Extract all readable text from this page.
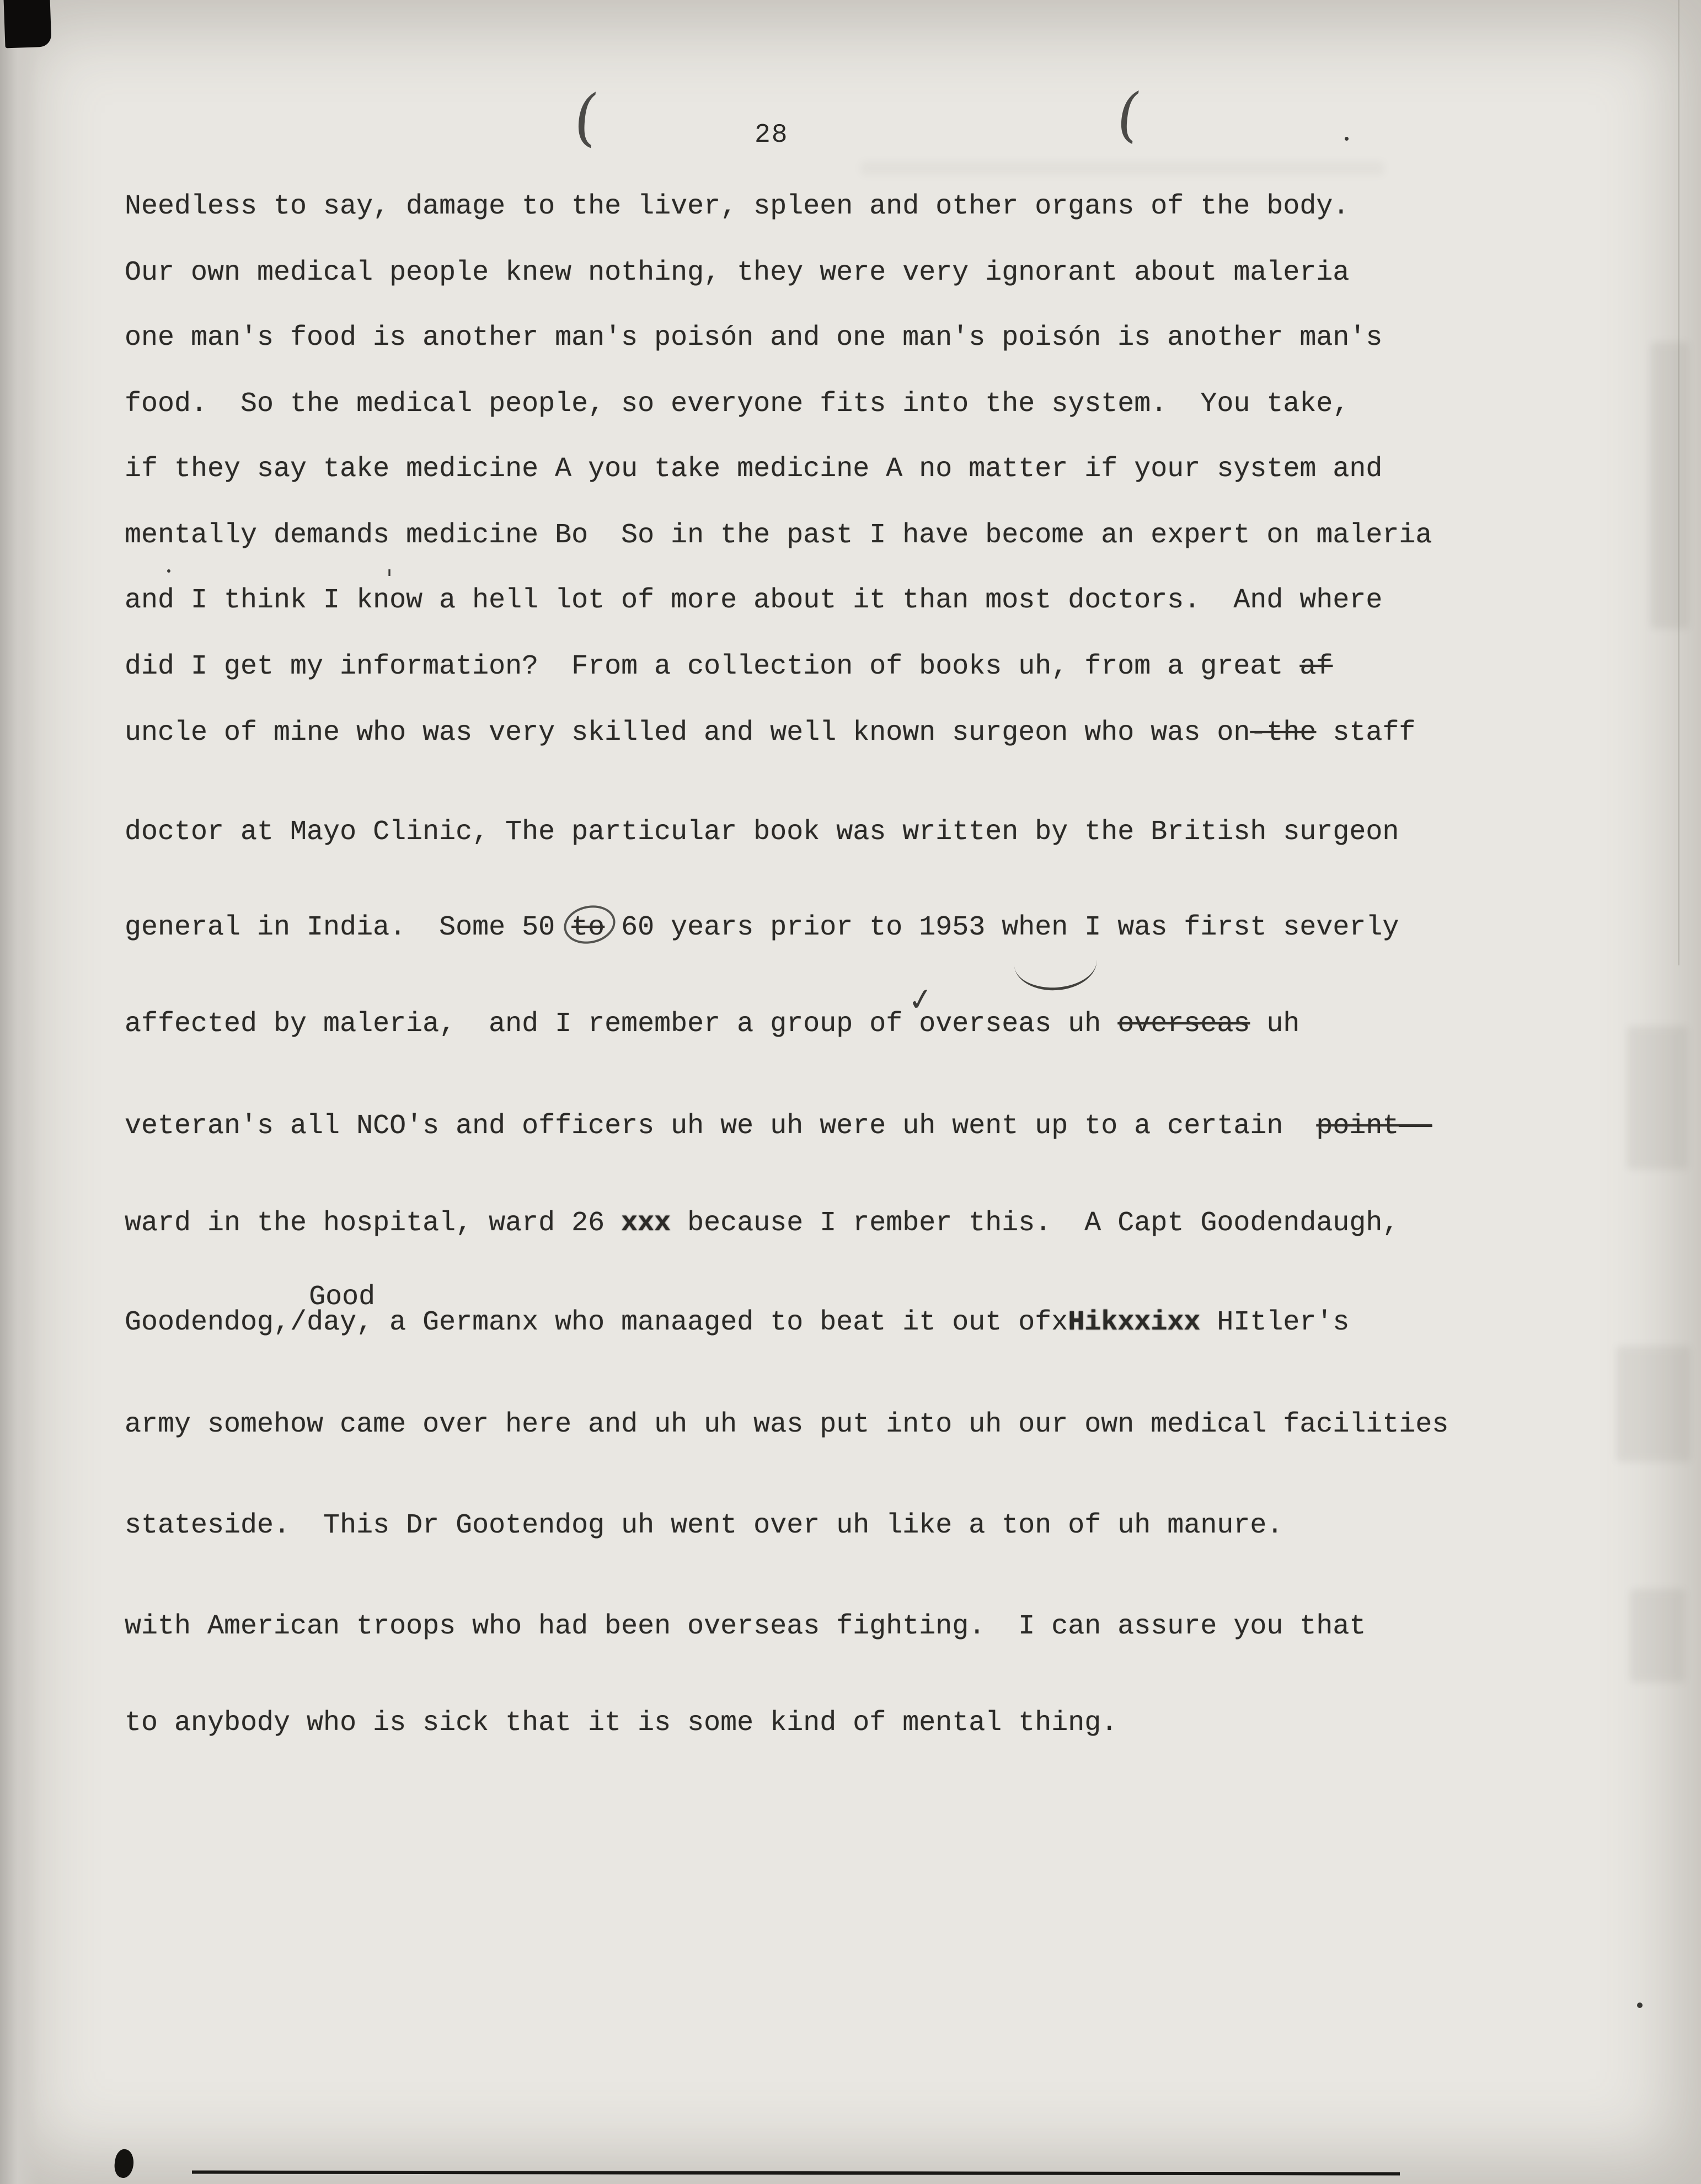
(	(
28
✓
'
Needless to say, damage to the liver, spleen and other organs of the body.
Our own medical people knew nothing, they were very ignorant about maleria
one man's food is another man's poisón and one man's poisón is another man's
food.  So the medical people, so everyone fits into the system.  You take,
if they say take medicine A you take medicine A no matter if your system and
mentally demands medicine Bo  So in the past I have become an expert on maleria
and I think I know a hell lot of more about it than most doctors.  And where
did I get my information?  From a collection of books uh, from a great af
uncle of mine who was very skilled and well known surgeon who was on-the staff
doctor at Mayo Clinic, The particular book was written by the British surgeon
general in India.  Some 50 to 60 years prior to 1953 when I was first severly
affected by maleria,  and I remember a group of overseas uh overseas uh
veteran's all NCO's and officers uh we uh were uh went up to a certain  point——
ward in the hospital, ward 26 xxx because I rember this.  A Capt Goodendaugh,
Goodendog,/
Good
day, a Germanx who manaaged to beat it out ofxHikxxixx HItler's
army somehow came over here and uh uh was put into uh our own medical facilities
stateside.  This Dr Gootendog uh went over uh like a ton of uh manure.
with American troops who had been overseas fighting.  I can assure you that
to anybody who is sick that it is some kind of mental thing.
